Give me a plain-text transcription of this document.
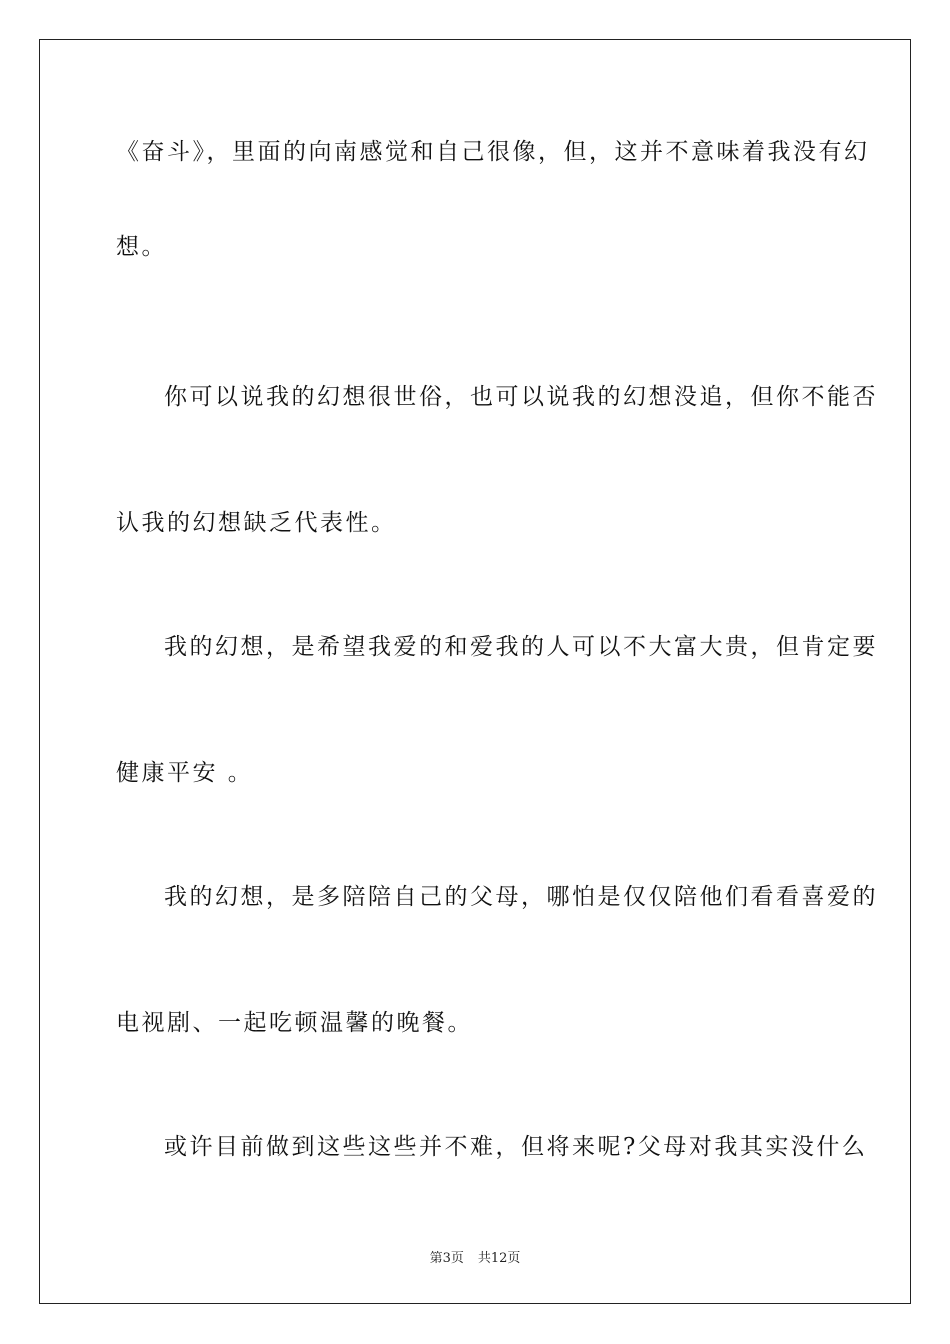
《奋斗》，里面的向南感觉和自己很像，但，这并不意味着我没有幻
想。
你可以说我的幻想很世俗，也可以说我的幻想没追，但你不能否
认我的幻想缺乏代表性。
我的幻想，是希望我爱的和爱我的人可以不大富大贵，但肯定要
健康平安 。
我的幻想，是多陪陪自己的父母，哪怕是仅仅陪他们看看喜爱的
电视剧、一起吃顿温馨的晚餐。
或许目前做到这些这些并不难，但将来呢?父母对我其实没什么
第3页 共12页
